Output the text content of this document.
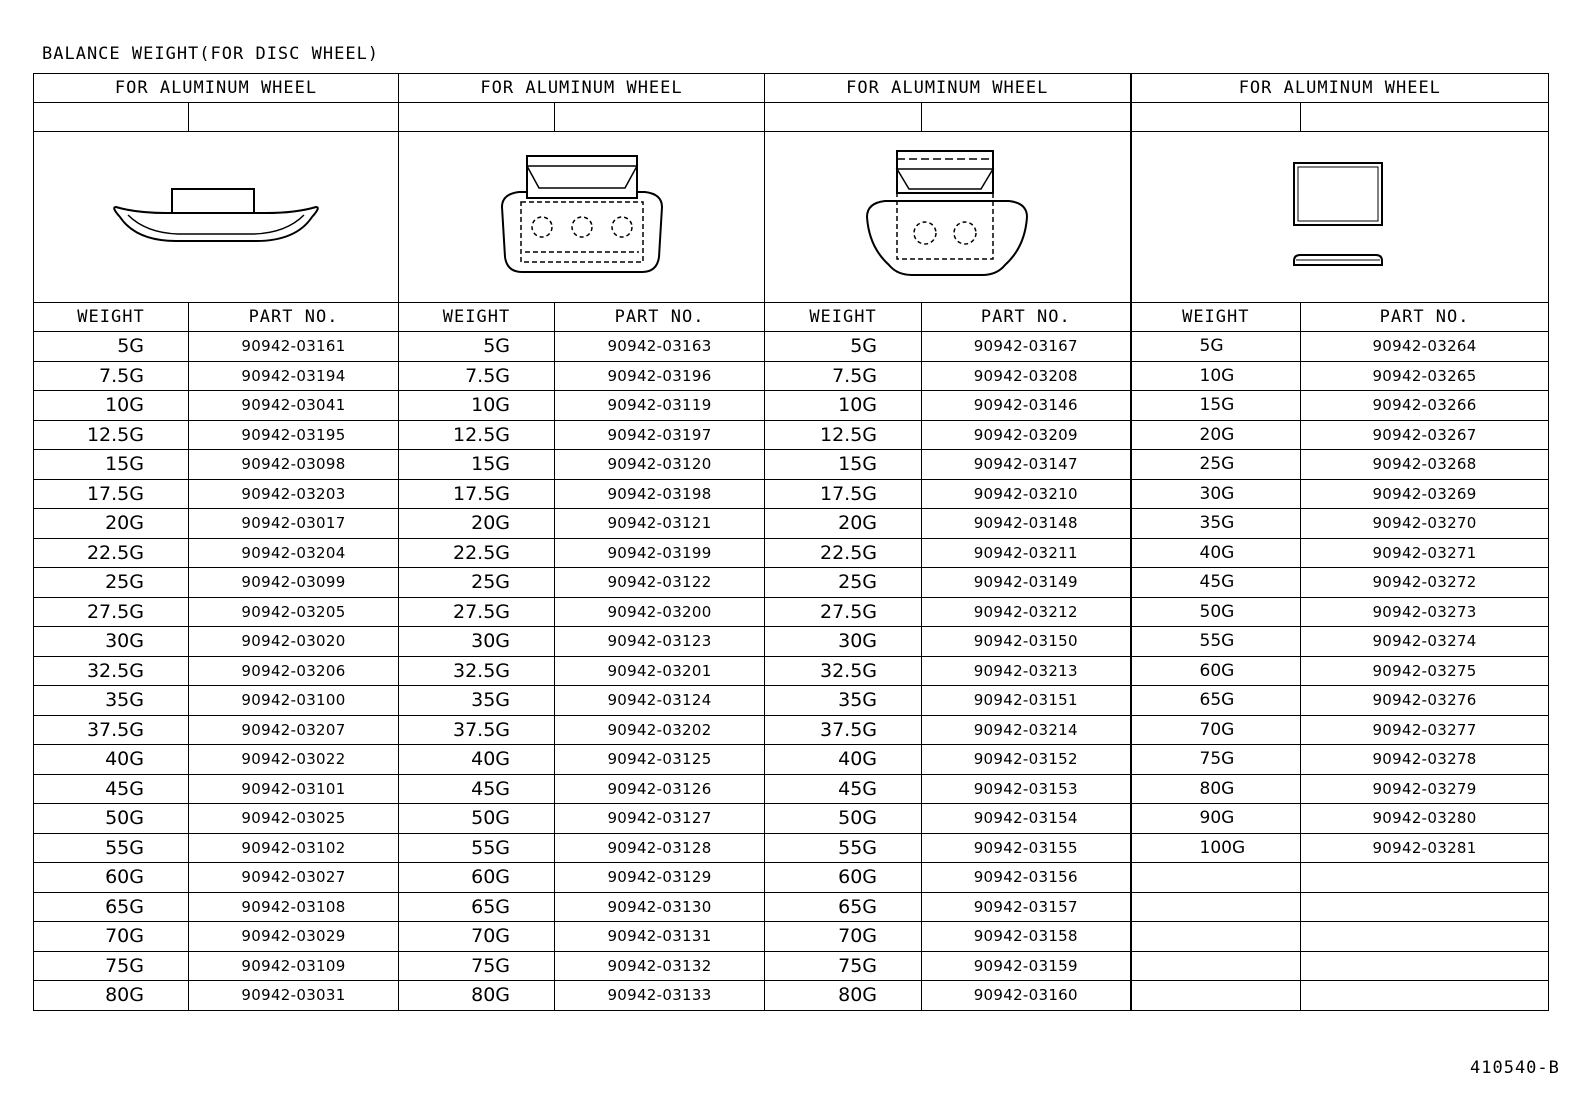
BALANCE WEIGHT(FOR DISC WHEEL)
FOR ALUMINUM WHEEL		FOR ALUMINUM WHEEL		FOR ALUMINUM WHEEL		FOR ALUMINUM WHEEL	

WEIGHT	PART NO.	WEIGHT	PART NO.	WEIGHT	PART NO.	WEIGHT	PART NO.
5G	90942-03161	5G	90942-03163	5G	90942-03167	5G	90942-03264
7.5G	90942-03194	7.5G	90942-03196	7.5G	90942-03208	10G	90942-03265
10G	90942-03041	10G	90942-03119	10G	90942-03146	15G	90942-03266
12.5G	90942-03195	12.5G	90942-03197	12.5G	90942-03209	20G	90942-03267
15G	90942-03098	15G	90942-03120	15G	90942-03147	25G	90942-03268
17.5G	90942-03203	17.5G	90942-03198	17.5G	90942-03210	30G	90942-03269
20G	90942-03017	20G	90942-03121	20G	90942-03148	35G	90942-03270
22.5G	90942-03204	22.5G	90942-03199	22.5G	90942-03211	40G	90942-03271
25G	90942-03099	25G	90942-03122	25G	90942-03149	45G	90942-03272
27.5G	90942-03205	27.5G	90942-03200	27.5G	90942-03212	50G	90942-03273
30G	90942-03020	30G	90942-03123	30G	90942-03150	55G	90942-03274
32.5G	90942-03206	32.5G	90942-03201	32.5G	90942-03213	60G	90942-03275
35G	90942-03100	35G	90942-03124	35G	90942-03151	65G	90942-03276
37.5G	90942-03207	37.5G	90942-03202	37.5G	90942-03214	70G	90942-03277
40G	90942-03022	40G	90942-03125	40G	90942-03152	75G	90942-03278
45G	90942-03101	45G	90942-03126	45G	90942-03153	80G	90942-03279
50G	90942-03025	50G	90942-03127	50G	90942-03154	90G	90942-03280
55G	90942-03102	55G	90942-03128	55G	90942-03155	100G	90942-03281
60G	90942-03027	60G	90942-03129	60G	90942-03156		
65G	90942-03108	65G	90942-03130	65G	90942-03157		
70G	90942-03029	70G	90942-03131	70G	90942-03158		
75G	90942-03109	75G	90942-03132	75G	90942-03159		
80G	90942-03031	80G	90942-03133	80G	90942-03160		
410540-B
